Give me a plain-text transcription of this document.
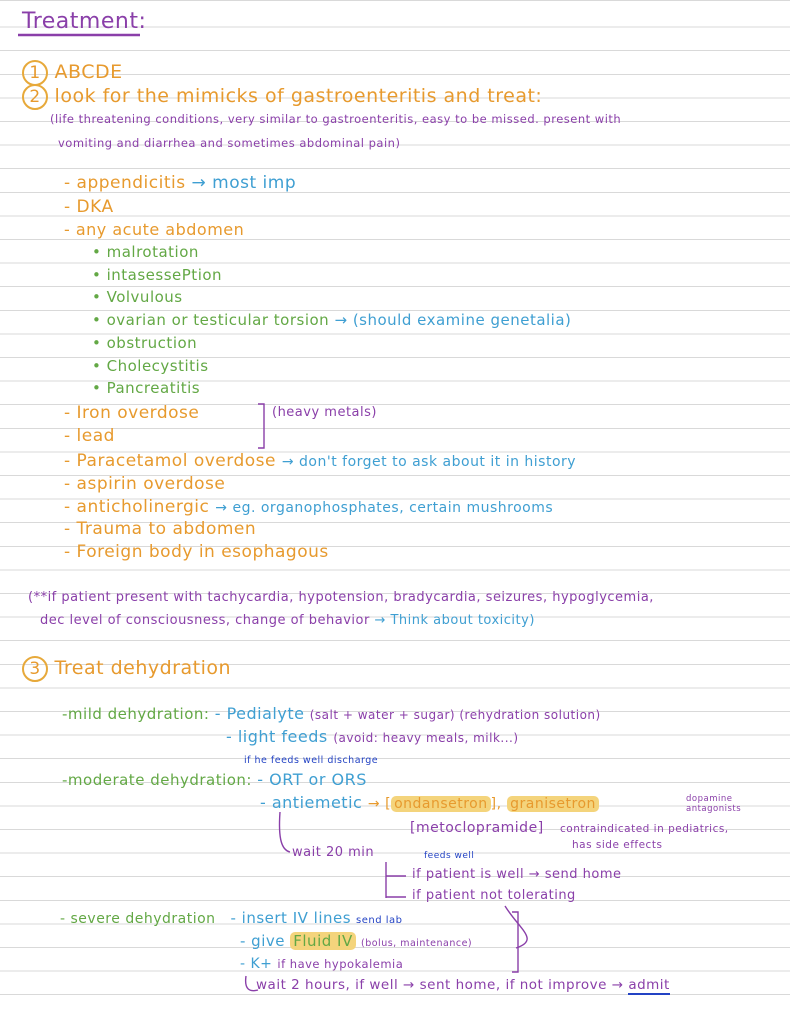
Treatment:
1 ABCDE
2 look for the mimicks of gastroenteritis and treat:
(life threatening conditions, very similar to gastroenteritis, easy to be missed. present with
vomiting and diarrhea and sometimes abdominal pain)
- appendicitis → most imp
- DKA
- any acute abdomen
• malrotation
• intasessePtion
• Volvulous
• ovarian or testicular torsion → (should examine genetalia)
• obstruction
• Cholecystitis
• Pancreatitis
- Iron overdose
- lead
(heavy metals)
- Paracetamol overdose → don't forget to ask about it in history
- aspirin overdose
- anticholinergic → eg. organophosphates, certain mushrooms
- Trauma to abdomen
- Foreign body in esophagous
(**if patient present with tachycardia, hypotension, bradycardia, seizures, hypoglycemia,
dec level of consciousness, change of behavior → Think about toxicity)
3 Treat dehydration
-mild dehydration: - Pedialyte (salt + water + sugar) (rehydration solution)
- light feeds (avoid: heavy meals, milk...)
if he feeds well discharge
-moderate dehydration: - ORT or ORS
- antiemetic → [ ondansetron ], granisetron	dopamine
antagonists
[metoclopramide] contraindicated in pediatrics,
has side effects
wait 20 min	feeds well
if patient is well → send home
if patient not tolerating
- severe dehydration - insert IV lines send lab
- give Fluid IV (bolus, maintenance)
- K+ if have hypokalemia
wait 2 hours, if well → sent home, if not improve → admit
